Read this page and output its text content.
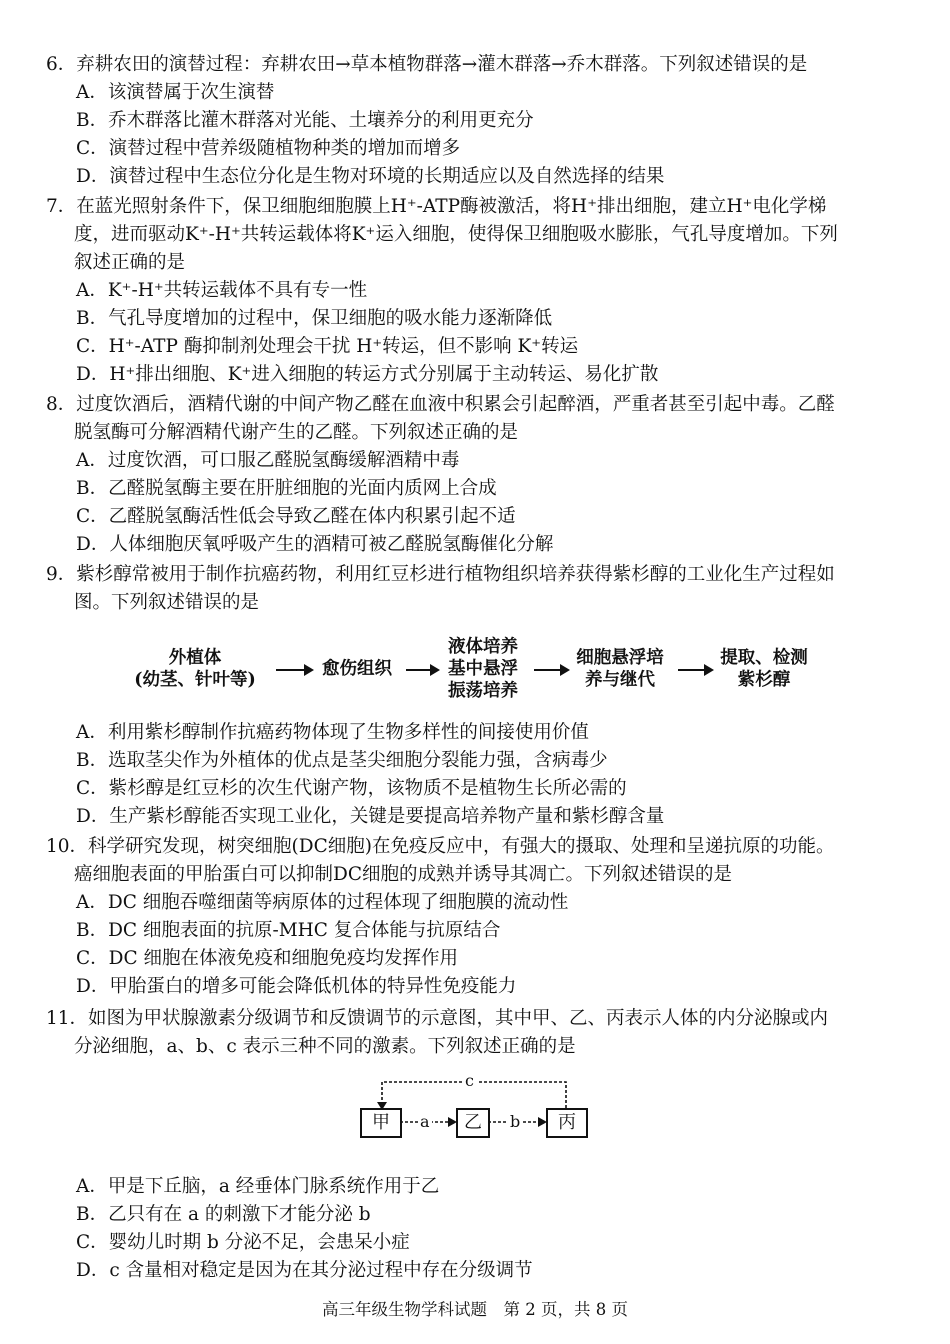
6．弃耕农田的演替过程：弃耕农田→草本植物群落→灌木群落→乔木群落。下列叙述错误的是
A．该演替属于次生演替
B．乔木群落比灌木群落对光能、土壤养分的利用更充分
C．演替过程中营养级随植物种类的增加而增多
D．演替过程中生态位分化是生物对环境的长期适应以及自然选择的结果
7．在蓝光照射条件下，保卫细胞细胞膜上H⁺-ATP酶被激活，将H⁺排出细胞，建立H⁺电化学梯
度，进而驱动K⁺-H⁺共转运载体将K⁺运入细胞，使得保卫细胞吸水膨胀，气孔导度增加。下列
叙述正确的是
A．K⁺-H⁺共转运载体不具有专一性
B．气孔导度增加的过程中，保卫细胞的吸水能力逐渐降低
C．H⁺-ATP 酶抑制剂处理会干扰 H⁺转运，但不影响 K⁺转运
D．H⁺排出细胞、K⁺进入细胞的转运方式分别属于主动转运、易化扩散
8．过度饮酒后，酒精代谢的中间产物乙醛在血液中积累会引起醉酒，严重者甚至引起中毒。乙醛
脱氢酶可分解酒精代谢产生的乙醛。下列叙述正确的是
A．过度饮酒，可口服乙醛脱氢酶缓解酒精中毒
B．乙醛脱氢酶主要在肝脏细胞的光面内质网上合成
C．乙醛脱氢酶活性低会导致乙醛在体内积累引起不适
D．人体细胞厌氧呼吸产生的酒精可被乙醛脱氢酶催化分解
9．紫杉醇常被用于制作抗癌药物，利用红豆杉进行植物组织培养获得紫杉醇的工业化生产过程如
图。下列叙述错误的是
外植体
(幼茎、针叶等)
愈伤组织
液体培养
基中悬浮
振荡培养
细胞悬浮培
养与继代
提取、检测
紫杉醇
A．利用紫杉醇制作抗癌药物体现了生物多样性的间接使用价值
B．选取茎尖作为外植体的优点是茎尖细胞分裂能力强，含病毒少
C．紫杉醇是红豆杉的次生代谢产物，该物质不是植物生长所必需的
D．生产紫杉醇能否实现工业化，关键是要提高培养物产量和紫杉醇含量
10．科学研究发现，树突细胞(DC细胞)在免疫反应中，有强大的摄取、处理和呈递抗原的功能。
癌细胞表面的甲胎蛋白可以抑制DC细胞的成熟并诱导其凋亡。下列叙述错误的是
A．DC 细胞吞噬细菌等病原体的过程体现了细胞膜的流动性
B．DC 细胞表面的抗原-MHC 复合体能与抗原结合
C．DC 细胞在体液免疫和细胞免疫均发挥作用
D．甲胎蛋白的增多可能会降低机体的特异性免疫能力
11．如图为甲状腺激素分级调节和反馈调节的示意图，其中甲、乙、丙表示人体的内分泌腺或内
分泌细胞，a、b、c 表示三种不同的激素。下列叙述正确的是
甲	乙	丙
a	b
c
A．甲是下丘脑，a 经垂体门脉系统作用于乙
B．乙只有在 a 的刺激下才能分泌 b
C．婴幼儿时期 b 分泌不足，会患呆小症
D．c 含量相对稳定是因为在其分泌过程中存在分级调节
高三年级生物学科试题　第 2 页，共 8 页
